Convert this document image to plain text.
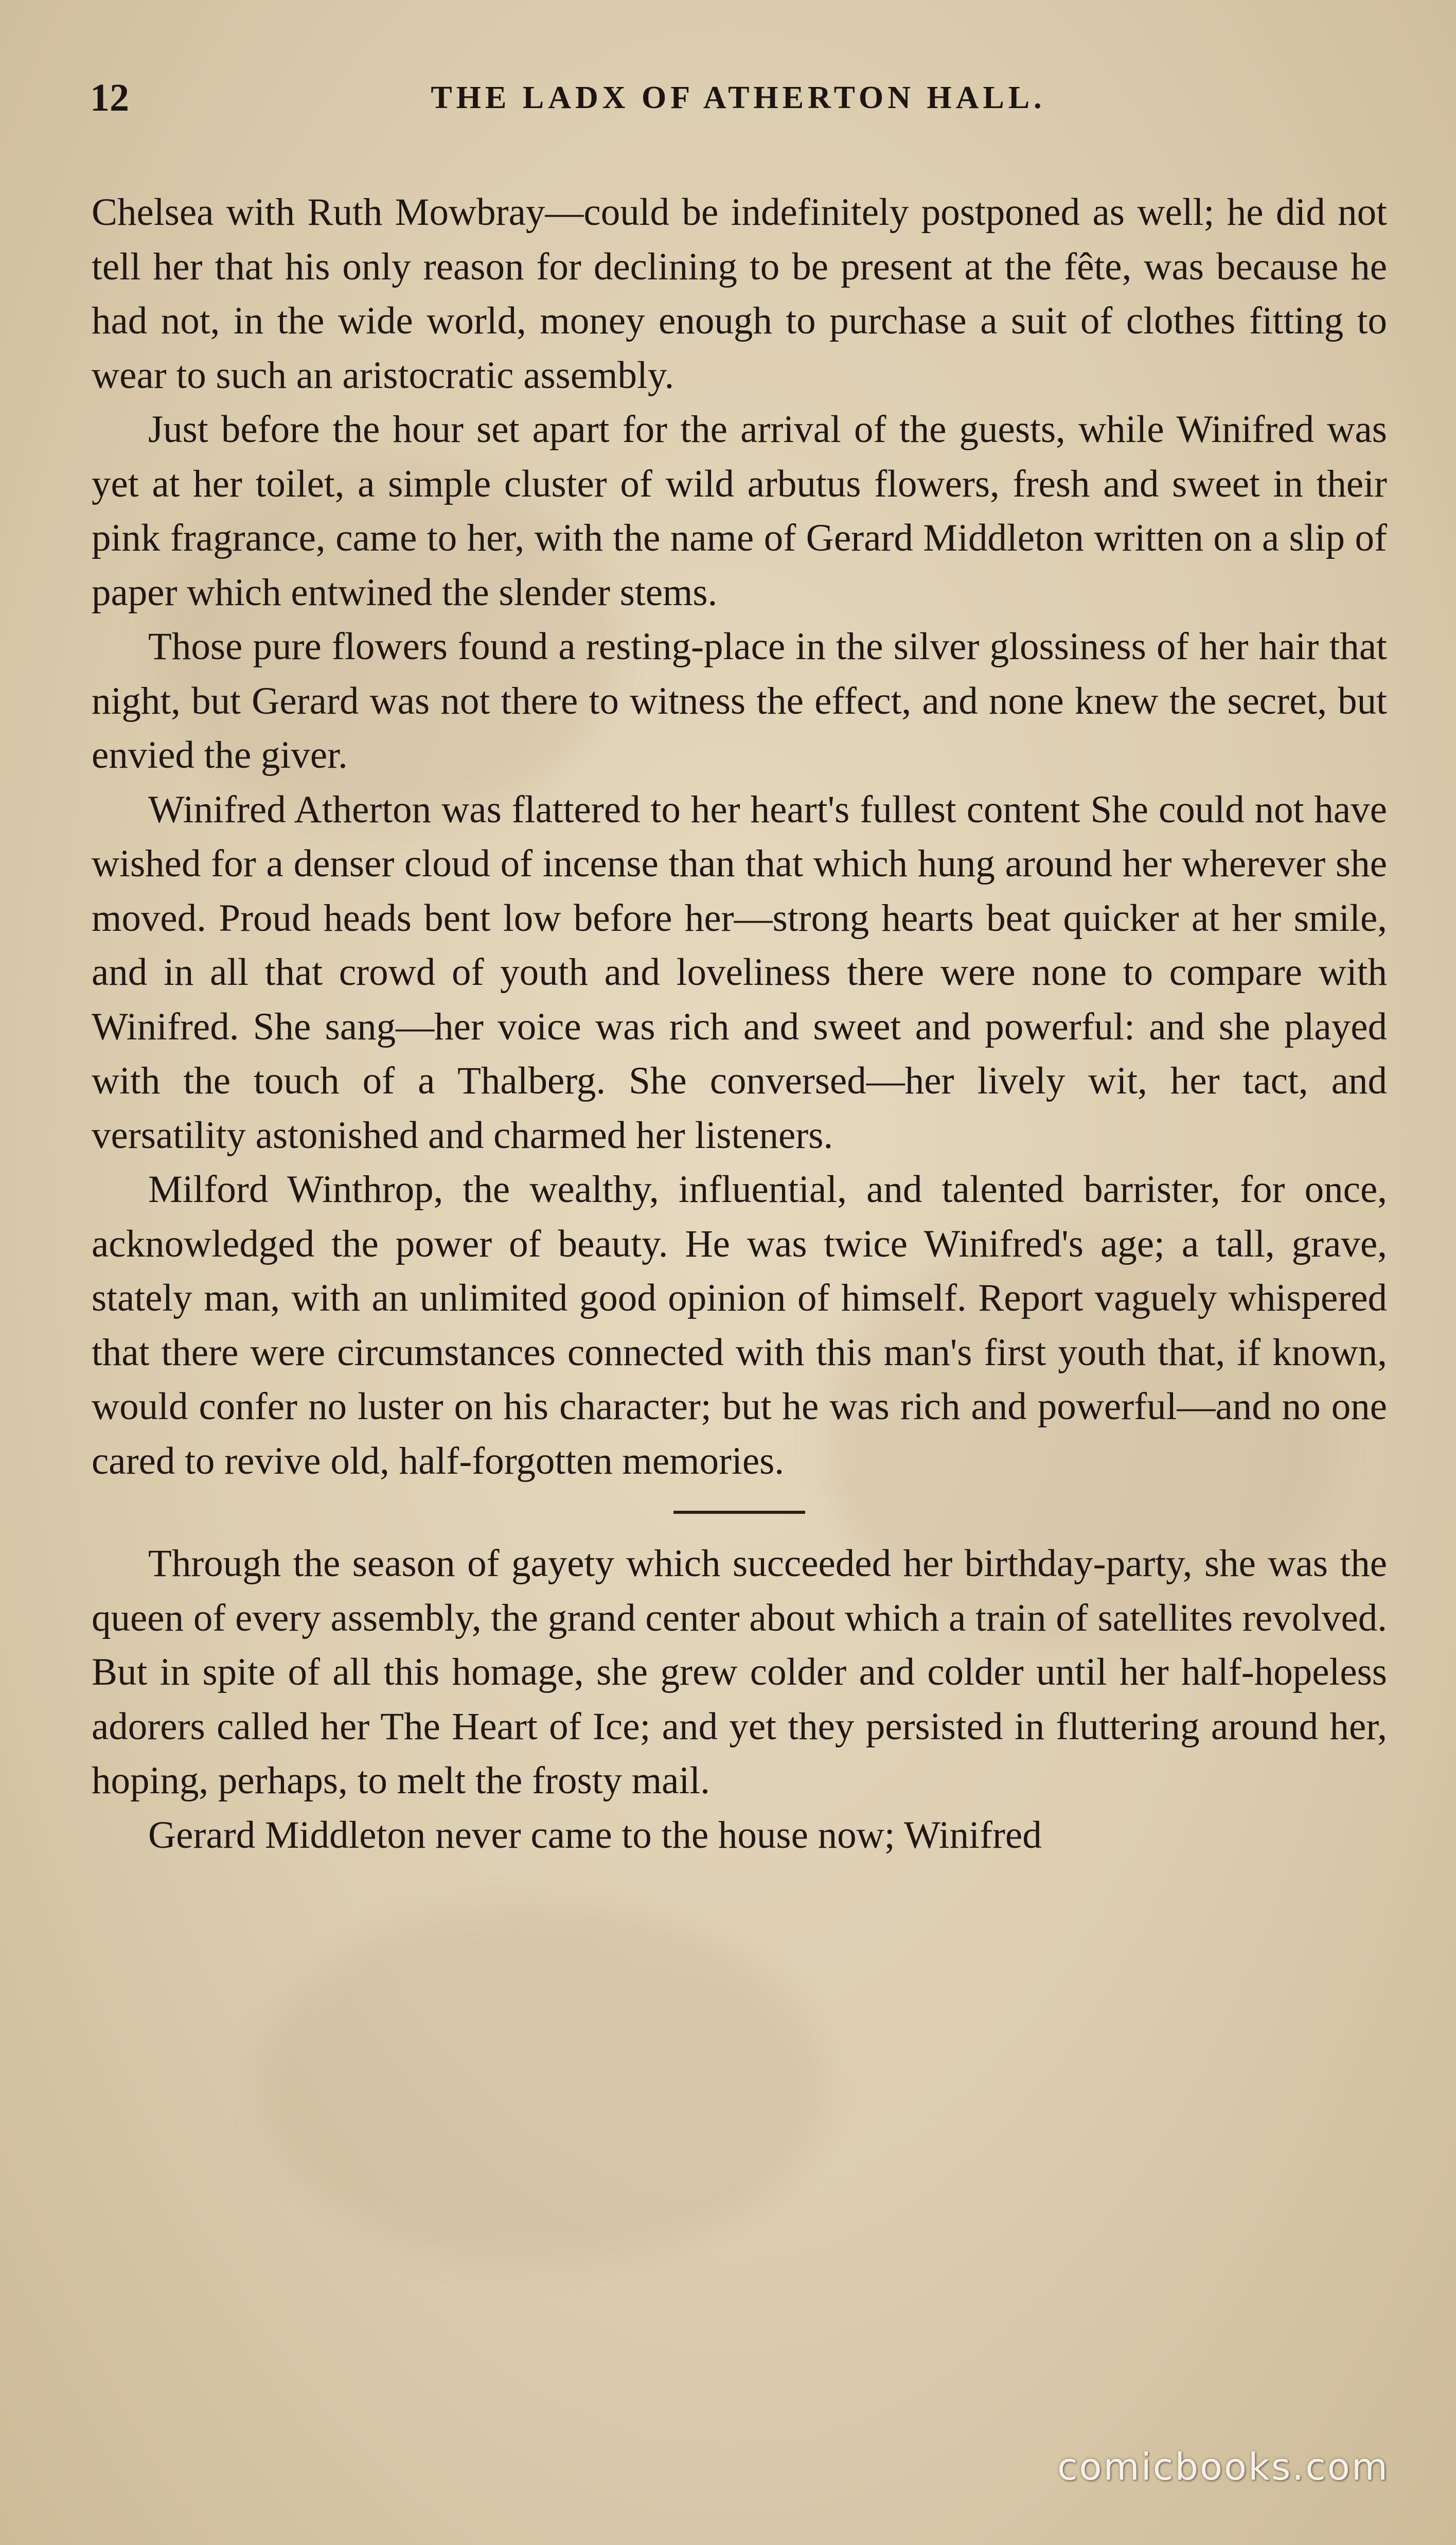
12	THE LADX OF ATHERTON HALL.

Chelsea with Ruth Mowbray—could be indefinitely postponed as well; he did not tell her that his only reason for declining to be present at the fête, was because he had not, in the wide world, money enough to purchase a suit of clothes fitting to wear to such an aristocratic assembly.

Just before the hour set apart for the arrival of the guests, while Winifred was yet at her toilet, a simple cluster of wild arbutus flowers, fresh and sweet in their pink fragrance, came to her, with the name of Gerard Middleton written on a slip of paper which entwined the slender stems.

Those pure flowers found a resting-place in the silver glossiness of her hair that night, but Gerard was not there to witness the effect, and none knew the secret, but envied the giver.

Winifred Atherton was flattered to her heart's fullest content She could not have wished for a denser cloud of incense than that which hung around her wherever she moved. Proud heads bent low before her—strong hearts beat quicker at her smile, and in all that crowd of youth and loveliness there were none to compare with Winifred. She sang—her voice was rich and sweet and powerful: and she played with the touch of a Thalberg. She conversed—her lively wit, her tact, and versatility astonished and charmed her listeners.

Milford Winthrop, the wealthy, influential, and talented barrister, for once, acknowledged the power of beauty. He was twice Winifred's age; a tall, grave, stately man, with an unlimited good opinion of himself. Report vaguely whispered that there were circumstances connected with this man's first youth that, if known, would confer no luster on his character; but he was rich and powerful—and no one cared to revive old, half-forgotten memories.

Through the season of gayety which succeeded her birthday-party, she was the queen of every assembly, the grand center about which a train of satellites revolved. But in spite of all this homage, she grew colder and colder until her half-hopeless adorers called her The Heart of Ice; and yet they persisted in fluttering around her, hoping, perhaps, to melt the frosty mail.

Gerard Middleton never came to the house now; Winifred

comicbooks.com
